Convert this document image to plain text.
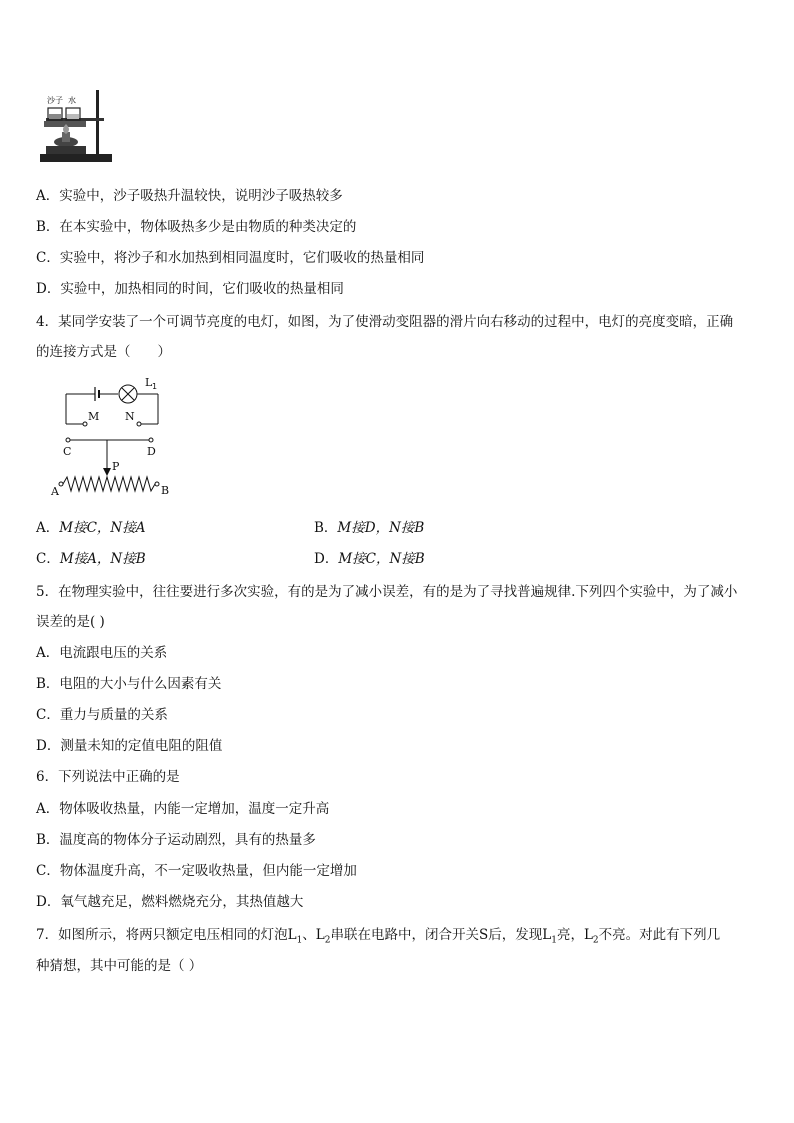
沙子 水
A．实验中，沙子吸热升温较快，说明沙子吸热较多
B．在本实验中，物体吸热多少是由物质的种类决定的
C．实验中，将沙子和水加热到相同温度时，它们吸收的热量相同
D．实验中，加热相同的时间，它们吸收的热量相同
4．某同学安装了一个可调节亮度的电灯，如图，为了使滑动变阻器的滑片向右移动的过程中，电灯的亮度变暗，正确
的连接方式是（　　）
L 1
M N
C	D
P
A	B
A．M接C，N接A	B．M接D，N接B
C．M接A，N接B	D．M接C，N接B
5．在物理实验中，往往要进行多次实验，有的是为了减小误差，有的是为了寻找普遍规律.下列四个实验中，为了减小
误差的是( )
A．电流跟电压的关系
B．电阻的大小与什么因素有关
C．重力与质量的关系
D．测量未知的定值电阻的阻值
6．下列说法中正确的是
A．物体吸收热量，内能一定增加，温度一定升高
B．温度高的物体分子运动剧烈，具有的热量多
C．物体温度升高，不一定吸收热量，但内能一定增加
D．氧气越充足，燃料燃烧充分，其热值越大
7．如图所示，将两只额定电压相同的灯泡$L_1$、$L_2$串联在电路中，闭合开关S后，发现$L_1$亮，$L_2$不亮。对此有下列几
种猜想，其中可能的是（ ）
